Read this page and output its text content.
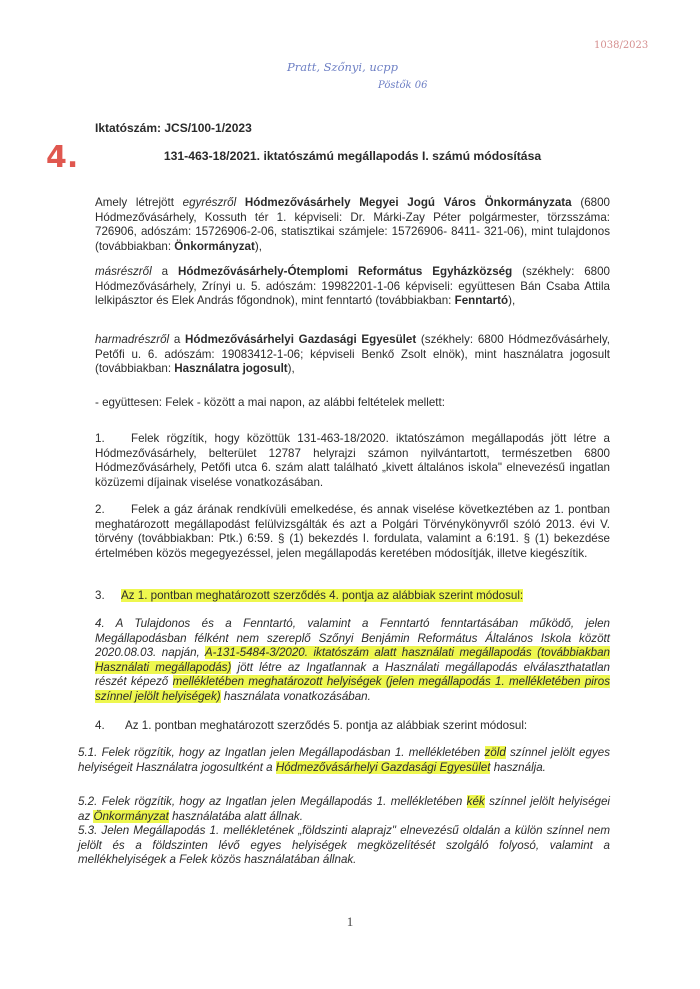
1038/2023
Pratt, Szőnyi, ucpp
Pöstők 06
Iktatószám: JCS/100-1/2023
4.	131-463-18/2021. iktatószámú megállapodás I. számú módosítása
Amely létrejött egyrészről Hódmezővásárhely Megyei Jogú Város Önkormányzata (6800 Hódmezővásárhely, Kossuth tér 1. képviseli: Dr. Márki-Zay Péter polgármester, törzsszáma: 726906, adószám: 15726906-2-06, statisztikai számjele: 15726906- 8411- 321-06), mint tulajdonos (továbbiakban: Önkormányzat),
másrészről a Hódmezővásárhely-Ótemplomi Református Egyházközség (székhely: 6800 Hódmezővásárhely, Zrínyi u. 5. adószám: 19982201-1-06 képviseli: együttesen Bán Csaba Attila lelkipásztor és Elek András főgondnok), mint fenntartó (továbbiakban: Fenntartó),
harmadrészről a Hódmezővásárhelyi Gazdasági Egyesület (székhely: 6800 Hódmezővásárhely, Petőfi u. 6. adószám: 19083412-1-06; képviseli Benkő Zsolt elnök), mint használatra jogosult (továbbiakban: Használatra jogosult),
- együttesen: Felek - között a mai napon, az alábbi feltételek mellett:
1. Felek rögzítik, hogy közöttük 131-463-18/2020. iktatószámon megállapodás jött létre a Hódmezővásárhely, belterület 12787 helyrajzi számon nyilvántartott, természetben 6800 Hódmezővásárhely, Petőfi utca 6. szám alatt található „kivett általános iskola" elnevezésű ingatlan közüzemi díjainak viselése vonatkozásában.
2. Felek a gáz árának rendkívüli emelkedése, és annak viselése következtében az 1. pontban meghatározott megállapodást felülvizsgálták és azt a Polgári Törvénykönyvről szóló 2013. évi V. törvény (továbbiakban: Ptk.) 6:59. § (1) bekezdés I. fordulata, valamint a 6:191. § (1) bekezdése értelmében közös megegyezéssel, jelen megállapodás keretében módosítják, illetve kiegészítik.
3. Az 1. pontban meghatározott szerződés 4. pontja az alábbiak szerint módosul:
4. A Tulajdonos és a Fenntartó, valamint a Fenntartó fenntartásában működő, jelen Megállapodásban félként nem szereplő Szőnyi Benjámin Református Általános Iskola között 2020.08.03. napján, A-131-5484-3/2020. iktatószám alatt használati megállapodás (továbbiakban Használati megállapodás) jött létre az Ingatlannak a Használati megállapodás elválaszthatatlan részét képező mellékletében meghatározott helyiségek (jelen megállapodás 1. mellékletében piros színnel jelölt helyiségek) használata vonatkozásában.
4. Az 1. pontban meghatározott szerződés 5. pontja az alábbiak szerint módosul:
5.1. Felek rögzítik, hogy az Ingatlan jelen Megállapodásban 1. mellékletében zöld színnel jelölt egyes helyiségeit Használatra jogosultként a Hódmezővásárhelyi Gazdasági Egyesület használja.
5.2. Felek rögzítik, hogy az Ingatlan jelen Megállapodás 1. mellékletében kék színnel jelölt helyiségei az Önkormányzat használatába alatt állnak.
5.3. Jelen Megállapodás 1. mellékletének „földszinti alaprajz" elnevezésű oldalán a külön színnel nem jelölt és a földszinten lévő egyes helyiségek megközelítését szolgáló folyosó, valamint a mellékhelyiségek a Felek közös használatában állnak.
1
